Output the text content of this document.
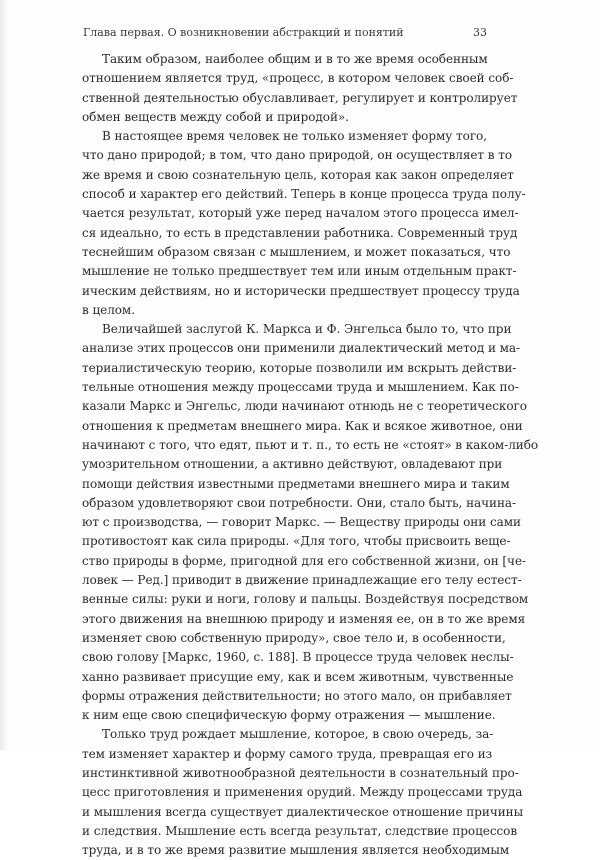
Глава первая. О возникновении абстракций и понятий	33
Таким образом, наиболее общим и в то же время особенным
отношением является труд, «процесс, в котором человек своей соб-
ственной деятельностью обуславливает, регулирует и контролирует
обмен веществ между собой и природой».
В настоящее время человек не только изменяет форму того,
что дано природой; в том, что дано природой, он осуществляет в то
же время и свою сознательную цель, которая как закон определяет
способ и характер его действий. Теперь в конце процесса труда полу-
чается результат, который уже перед началом этого процесса имел-
ся идеально, то есть в представлении работника. Современный труд
теснейшим образом связан с мышлением, и может показаться, что
мышление не только предшествует тем или иным отдельным практ-
ическим действиям, но и исторически предшествует процессу труда
в целом.
Величайшей заслугой К. Маркса и Ф. Энгельса было то, что при
анализе этих процессов они применили диалектический метод и ма-
териалистическую теорию, которые позволили им вскрыть действи-
тельные отношения между процессами труда и мышлением. Как по-
казали Маркс и Энгельс, люди начинают отнюдь не с теоретического
отношения к предметам внешнего мира. Как и всякое животное, они
начинают с того, что едят, пьют и т. п., то есть не «стоят» в каком-либо
умозрительном отношении, а активно действуют, овладевают при
помощи действия известными предметами внешнего мира и таким
образом удовлетворяют свои потребности. Они, стало быть, начина-
ют с производства, — говорит Маркс. — Веществу природы они сами
противостоят как сила природы. «Для того, чтобы присвоить веще-
ство природы в форме, пригодной для его собственной жизни, он [че-
ловек — Ред.] приводит в движение принадлежащие его телу естест-
венные силы: руки и ноги, голову и пальцы. Воздействуя посредством
этого движения на внешнюю природу и изменяя ее, он в то же время
изменяет свою собственную природу», свое тело и, в особенности,
свою голову [Маркс, 1960, с. 188]. В процессе труда человек неслы-
ханно развивает присущие ему, как и всем животным, чувственные
формы отражения действительности; но этого мало, он прибавляет
к ним еще свою специфическую форму отражения — мышление.
Только труд рождает мышление, которое, в свою очередь, за-
тем изменяет характер и форму самого труда, превращая его из
инстинктивной животнообразной деятельности в сознательный про-
цесс приготовления и применения орудий. Между процессами труда
и мышления всегда существует диалектическое отношение причины
и следствия. Мышление есть всегда результат, следствие процессов
труда, и в то же время развитие мышления является необходимым
